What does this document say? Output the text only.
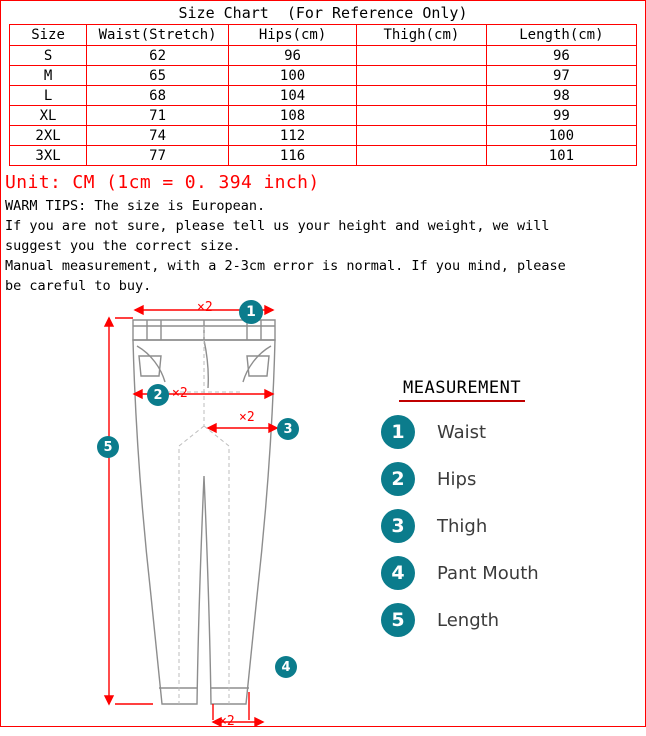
Size Chart  (For Reference Only)
Size	Waist(Stretch)	Hips(cm)	Thigh(cm)	Length(cm)
S	62	96		96
M	65	100		97
L	68	104		98
XL	71	108		99
2XL	74	112		100
3XL	77	116		101
Unit: CM (1cm = 0. 394 inch)
WARM TIPS: The size is European.
If you are not sure, please tell us your height and weight, we will
suggest you the correct size.
Manual measurement, with a 2-3cm error is normal. If you mind, please
be careful to buy.
1
×2
2 ×2
3
×2
5
4
×2
MEASUREMENT
1	Waist
2	Hips
3	Thigh
4	Pant Mouth
5	Length
